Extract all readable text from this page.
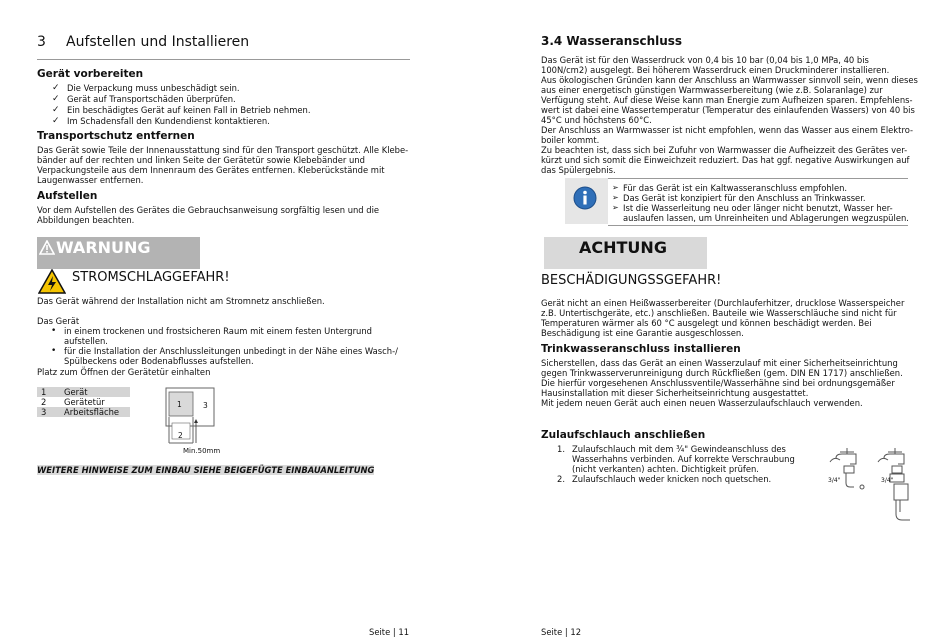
3 Aufstellen und Installieren
Gerät vorbereiten
✓ Die Verpackung muss unbeschädigt sein.
✓ Gerät auf Transportschäden überprüfen.
✓ Ein beschädigtes Gerät auf keinen Fall in Betrieb nehmen.
✓ Im Schadensfall den Kundendienst kontaktieren.
Transportschutz entfernen
Das Gerät sowie Teile der Innenausstattung sind für den Transport geschützt. Alle Klebe-
bänder auf der rechten und linken Seite der Gerätetür sowie Klebebänder und
Verpackungsteile aus dem Innenraum des Gerätes entfernen. Kleberückstände mit
Laugenwasser entfernen.
Aufstellen
Vor dem Aufstellen des Gerätes die Gebrauchsanweisung sorgfältig lesen und die
Abbildungen beachten.
WARNUNG
STROMSCHLAGGEFAHR!
Das Gerät während der Installation nicht am Stromnetz anschließen.
Das Gerät
• in einem trockenen und frostsicheren Raum mit einem festen Untergrund
aufstellen.
• für die Installation der Anschlussleitungen unbedingt in der Nähe eines Wasch-/
Spülbeckens oder Bodenabflusses aufstellen.
Platz zum Öffnen der Gerätetür einhalten
1 Gerät
2 Gerätetür
3 Arbeitsfläche
1	3
2
Min.50mm
WEITERE HINWEISE ZUM EINBAU SIEHE BEIGEFÜGTE EINBAUANLEITUNG
Seite | 11
3.4 Wasseranschluss
Das Gerät ist für den Wasserdruck von 0,4 bis 10 bar (0,04 bis 1,0 MPa, 40 bis
100N/cm2) ausgelegt. Bei höherem Wasserdruck einen Druckminderer installieren.
Aus ökologischen Gründen kann der Anschluss an Warmwasser sinnvoll sein, wenn dieses
aus einer energetisch günstigen Warmwasserbereitung (wie z.B. Solaranlage) zur
Verfügung steht. Auf diese Weise kann man Energie zum Aufheizen sparen. Empfehlens-
wert ist dabei eine Wassertemperatur (Temperatur des einlaufenden Wassers) von 40 bis
45°C und höchstens 60°C.
Der Anschluss an Warmwasser ist nicht empfohlen, wenn das Wasser aus einem Elektro-
boiler kommt.
Zu beachten ist, dass sich bei Zufuhr von Warmwasser die Aufheizzeit des Gerätes ver-
kürzt und sich somit die Einweichzeit reduziert. Das hat ggf. negative Auswirkungen auf
das Spülergebnis.
➢ Für das Gerät ist ein Kaltwasseranschluss empfohlen.
➢ Das Gerät ist konzipiert für den Anschluss an Trinkwasser.
➢ Ist die Wasserleitung neu oder länger nicht benutzt, Wasser her-
auslaufen lassen, um Unreinheiten und Ablagerungen wegzuspülen.
ACHTUNG
BESCHÄDIGUNGSSGEFAHR!
Gerät nicht an einen Heißwasserbereiter (Durchlauferhitzer, drucklose Wasserspeicher
z.B. Untertischgeräte, etc.) anschließen. Bauteile wie Wasserschläuche sind nicht für
Temperaturen wärmer als 60 °C ausgelegt und können beschädigt werden. Bei
Beschädigung ist eine Garantie ausgeschlossen.
Trinkwasseranschluss installieren
Sicherstellen, dass das Gerät an einen Wasserzulauf mit einer Sicherheitseinrichtung
gegen Trinkwasserverunreinigung durch Rückfließen (gem. DIN EN 1717) anschließen.
Die hierfür vorgesehenen Anschlussventile/Wasserhähne sind bei ordnungsgemäßer
Hausinstallation mit dieser Sicherheitseinrichtung ausgestattet.
Mit jedem neuen Gerät auch einen neuen Wasserzulaufschlauch verwenden.
Zulaufschlauch anschließen
1. Zulaufschlauch mit dem ¾" Gewindeanschluss des
Wasserhahns verbinden. Auf korrekte Verschraubung
(nicht verkanten) achten. Dichtigkeit prüfen.
2. Zulaufschlauch weder knicken noch quetschen.	3/4"	3/4"
Seite | 12
